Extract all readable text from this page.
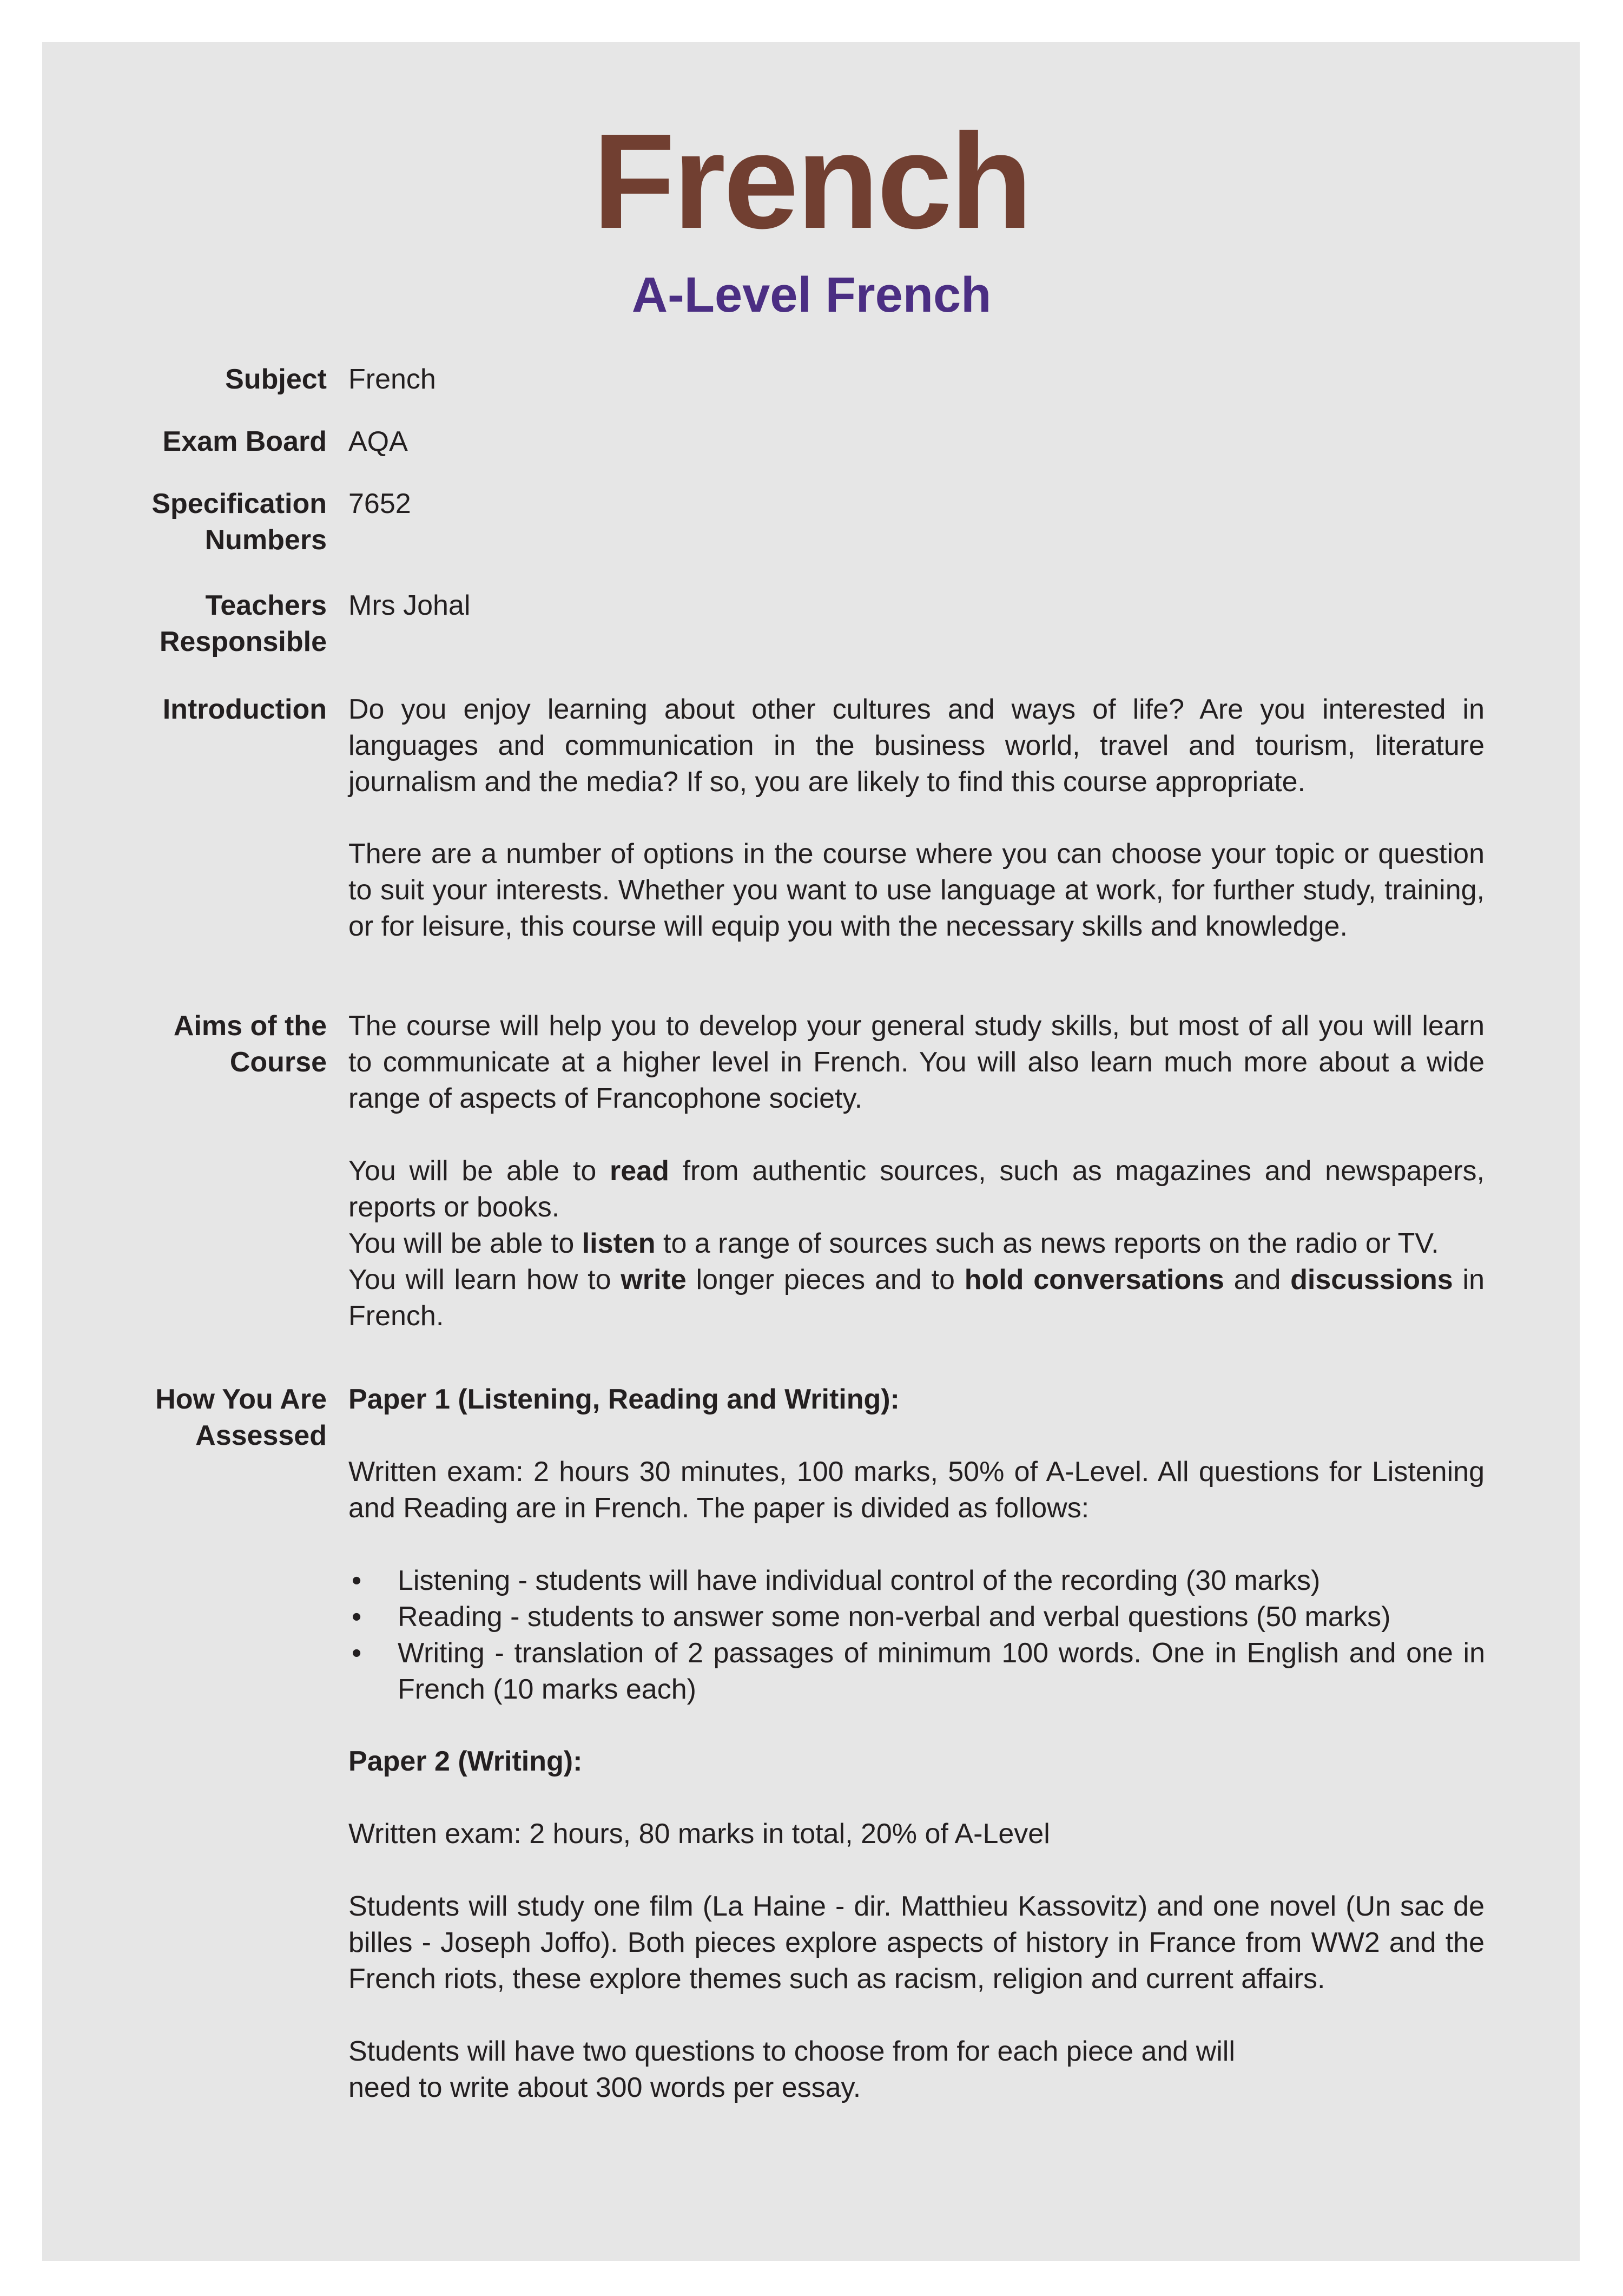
French
A-Level French
Subject French
Exam Board AQA
Specification
Numbers
7652
Teachers
Responsible
Mrs Johal
Introduction Do you enjoy learning about other cultures and ways of life? Are you interested in languages and communication in the business world, travel and tourism, literature journalism and the media? If so, you are likely to find this course appropriate.
There are a number of options in the course where you can choose your topic or question to suit your interests. Whether you want to use language at work, for further study, training, or for leisure, this course will equip you with the necessary skills and knowledge.
Aims of the
Course
The course will help you to develop your general study skills, but most of all you will learn to communicate at a higher level in French. You will also learn much more about a wide range of aspects of Francophone society.
You will be able to read from authentic sources, such as magazines and newspapers, reports or books.
You will be able to listen to a range of sources such as news reports on the radio or TV.
You will learn how to write longer pieces and to hold conversations and discussions in French.
How You Are
Assessed
Paper 1 (Listening, Reading and Writing):
Written exam: 2 hours 30 minutes, 100 marks, 50% of A-Level. All questions for Listening and Reading are in French. The paper is divided as follows:
• Listening - students will have individual control of the recording (30 marks)
• Reading - students to answer some non-verbal and verbal questions (50 marks)
• Writing - translation of 2 passages of minimum 100 words. One in English and one in French (10 marks each)
Paper 2 (Writing):
Written exam: 2 hours, 80 marks in total, 20% of A-Level
Students will study one film (La Haine - dir. Matthieu Kassovitz) and one novel (Un sac de billes - Joseph Joffo). Both pieces explore aspects of history in France from WW2 and the French riots, these explore themes such as racism, religion and current affairs.
Students will have two questions to choose from for each piece and will
need to write about 300 words per essay.
